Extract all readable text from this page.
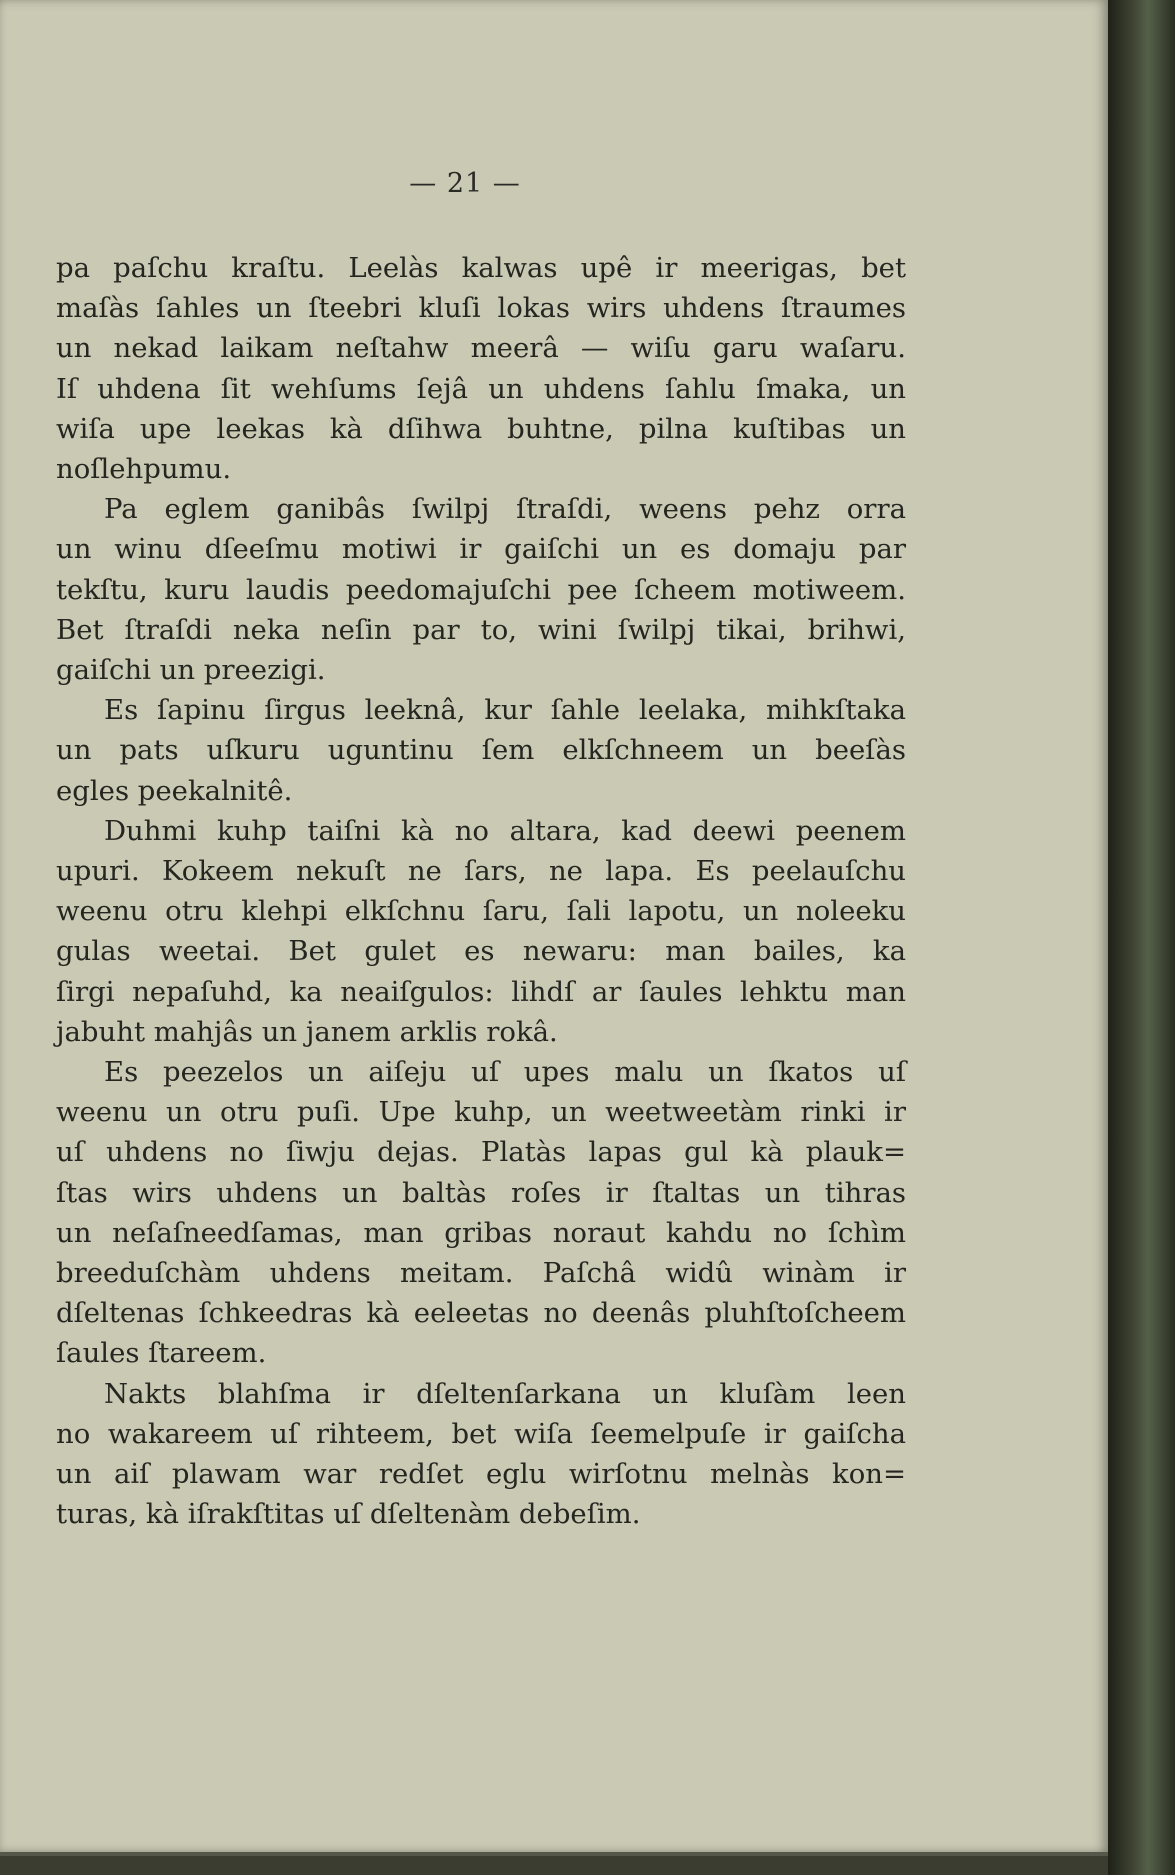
— 21 —
pa paſchu kraſtu. Leelàs kalwas upê ir meerigas, bet
maſàs ſahles un ſteebri kluſi lokas wirs uhdens ſtraumes
un nekad laikam neſtahw meerâ — wiſu garu waſaru.
Iſ uhdena ſit wehſums ſejâ un uhdens ſahlu ſmaka, un
wiſa upe leekas kà dſihwa buhtne, pilna kuſtibas un
noſlehpumu.
Pa eglem ganibâs ſwilpj ſtraſdi, weens pehz orra
un winu dſeeſmu motiwi ir gaiſchi un es domaju par
tekſtu, kuru laudis peedomajuſchi pee ſcheem motiweem.
Bet ſtraſdi neka neſin par to, wini ſwilpj tikai, brihwi,
gaiſchi un preezigi.
Es ſapinu ſirgus leeknâ, kur ſahle leelaka, mihkſtaka
un pats uſkuru uguntinu ſem elkſchneem un beeſàs
egles peekalnitê.
Duhmi kuhp taiſni kà no altara, kad deewi peenem
upuri. Kokeem nekuſt ne ſars, ne lapa. Es peelauſchu
weenu otru klehpi elkſchnu ſaru, ſali lapotu, un noleeku
gulas weetai. Bet gulet es newaru: man bailes, ka
ſirgi nepaſuhd, ka neaiſgulos: lihdſ ar ſaules lehktu man
jabuht mahjâs un janem arklis rokâ.
Es peezelos un aiſeju uſ upes malu un ſkatos uſ
weenu un otru puſi. Upe kuhp, un weetweetàm rinki ir
uſ uhdens no ſiwju dejas. Platàs lapas gul kà plauk=
ſtas wirs uhdens un baltàs roſes ir ſtaltas un tihras
un neſaſneedſamas, man gribas noraut kahdu no ſchìm
breeduſchàm uhdens meitam. Paſchâ widû winàm ir
dſeltenas ſchkeedras kà eeleetas no deenâs pluhſtoſcheem
ſaules ſtareem.
Nakts blahſma ir dſeltenſarkana un kluſàm leen
no wakareem uſ rihteem, bet wiſa ſeemelpuſe ir gaiſcha
un aiſ plawam war redſet eglu wirſotnu melnàs kon=
turas, kà iſrakſtitas uſ dſeltenàm debeſim.
